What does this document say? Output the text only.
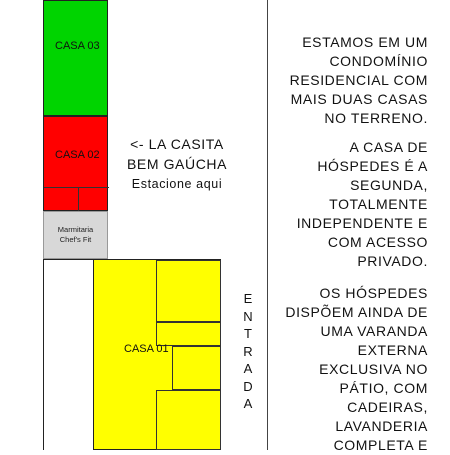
CASA 03
CASA 02
Marmitaria
Chef's Fit
CASA 01
<- LA CASITA
BEM GAÚCHA
Estacione aqui
E
N
T
R
A
D
A
ESTAMOS EM UM
CONDOMÍNIO
RESIDENCIAL COM
MAIS DUAS CASAS
NO TERRENO.
A CASA DE
HÓSPEDES É A
SEGUNDA,
TOTALMENTE
INDEPENDENTE E
COM ACESSO
PRIVADO.
OS HÓSPEDES
DISPÕEM AINDA DE
UMA VARANDA
EXTERNA
EXCLUSIVA NO
PÁTIO, COM
CADEIRAS,
LAVANDERIA
COMPLETA E
